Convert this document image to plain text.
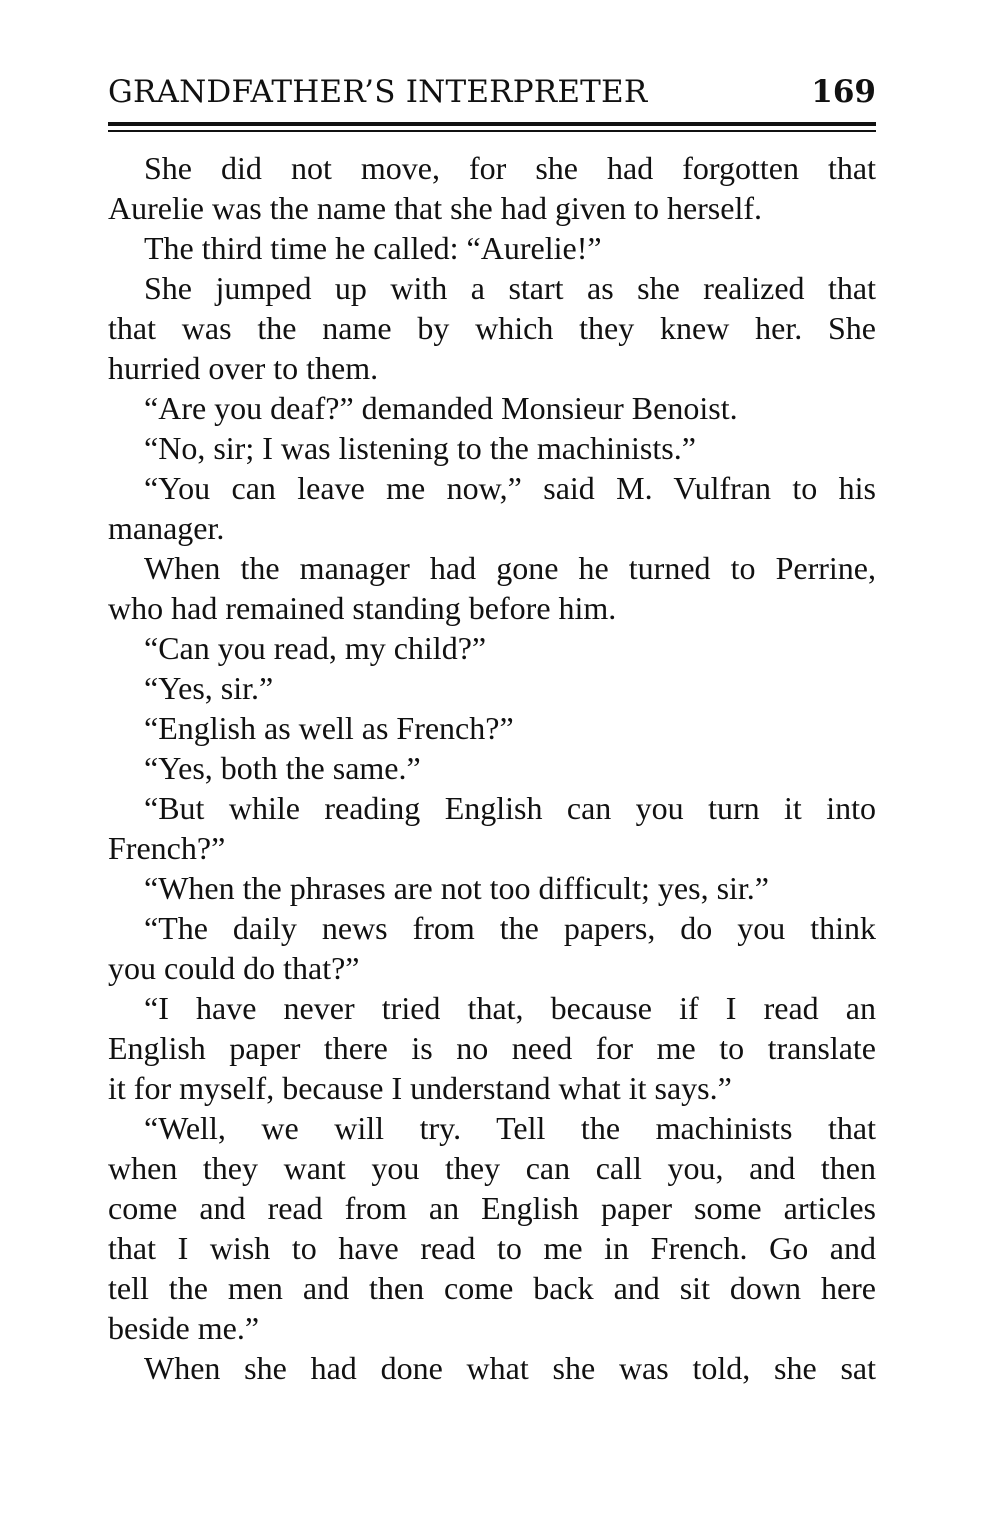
GRANDFATHER’S INTERPRETER	169
She did not move, for she had forgotten that
Aurelie was the name that she had given to herself.
The third time he called: “Aurelie!”
She jumped up with a start as she realized that
that was the name by which they knew her. She
hurried over to them.
“Are you deaf?” demanded Monsieur Benoist.
“No, sir; I was listening to the machinists.”
“You can leave me now,” said M. Vulfran to his
manager.
When the manager had gone he turned to Perrine,
who had remained standing before him.
“Can you read, my child?”
“Yes, sir.”
“English as well as French?”
“Yes, both the same.”
“But while reading English can you turn it into
French?”
“When the phrases are not too difficult; yes, sir.”
“The daily news from the papers, do you think
you could do that?”
“I have never tried that, because if I read an
English paper there is no need for me to translate
it for myself, because I understand what it says.”
“Well, we will try. Tell the machinists that
when they want you they can call you, and then
come and read from an English paper some articles
that I wish to have read to me in French. Go and
tell the men and then come back and sit down here
beside me.”
When she had done what she was told, she sat
